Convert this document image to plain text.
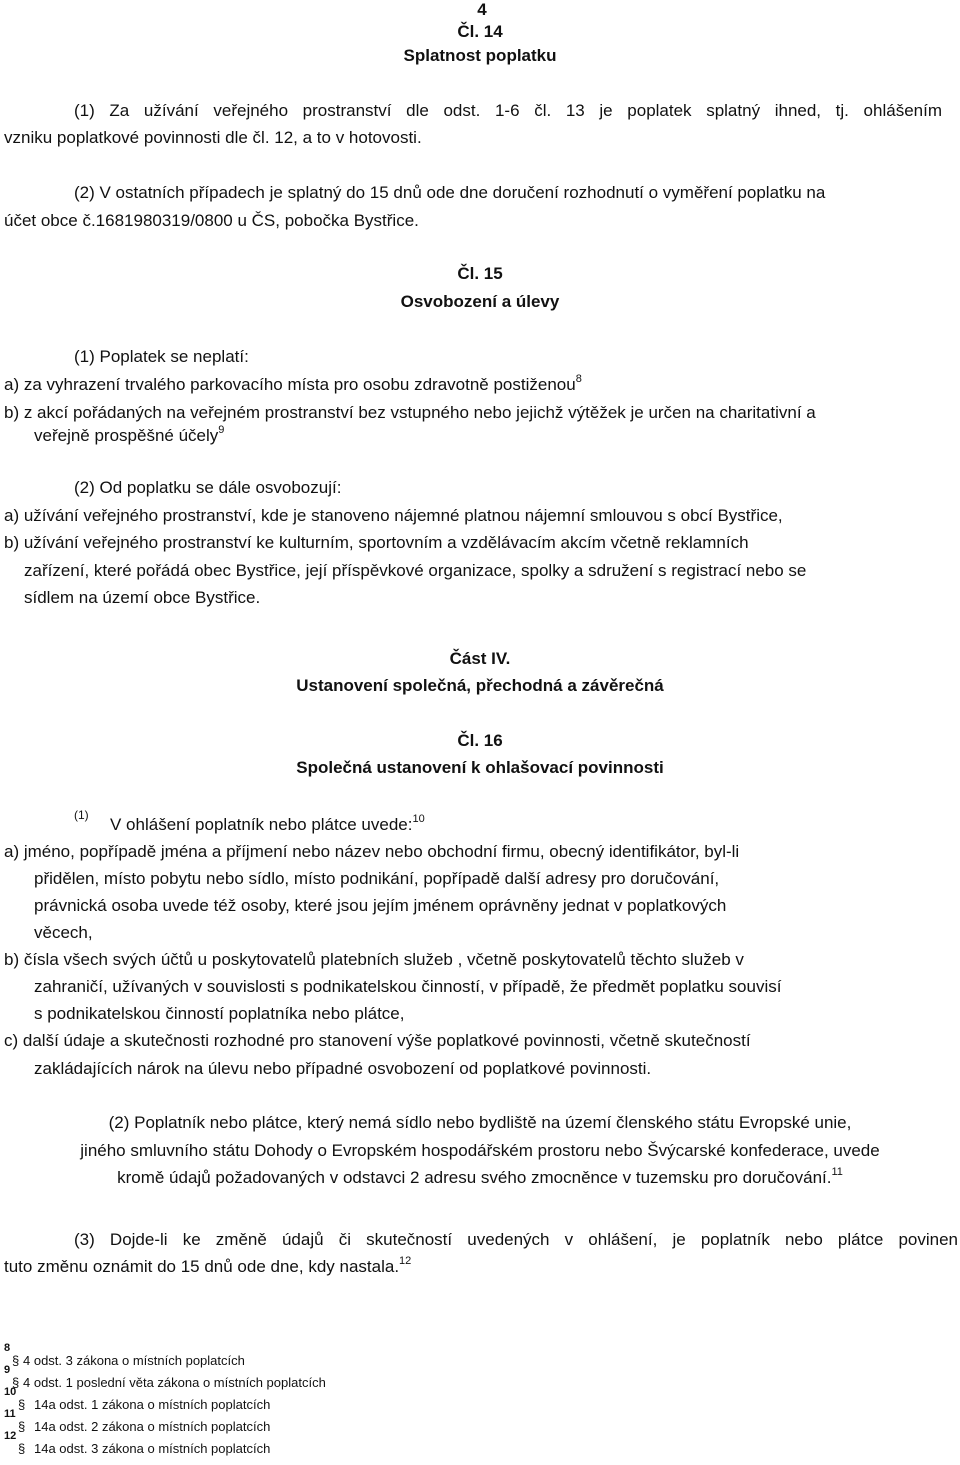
4
Čl. 14
Splatnost poplatku
(1) Za užívání veřejného prostranství dle odst. 1-6 čl. 13 je poplatek splatný ihned, tj. ohlášením
vzniku poplatkové povinnosti dle čl. 12, a to v hotovosti.
(2) V ostatních případech je splatný do 15 dnů ode dne doručení rozhodnutí o vyměření poplatku na
účet obce č.1681980319/0800 u ČS, pobočka Bystřice.
Čl. 15
Osvobození a úlevy
(1) Poplatek se neplatí:
a) za vyhrazení trvalého parkovacího místa pro osobu zdravotně postiženou$^8$
b) z akcí pořádaných na veřejném prostranství bez vstupného nebo jejichž výtěžek je určen na charitativní a
veřejně prospěšné účely$^9$
(2) Od poplatku se dále osvobozují:
a) užívání veřejného prostranství, kde je stanoveno nájemné platnou nájemní smlouvou s obcí Bystřice,
b) užívání veřejného prostranství ke kulturním, sportovním a vzdělávacím akcím včetně reklamních
zařízení, které pořádá obec Bystřice, její příspěvkové organizace, spolky a sdružení s registrací nebo se
sídlem na území obce Bystřice.
Část IV.
Ustanovení společná, přechodná a závěrečná
Čl. 16
Společná ustanovení k ohlašovací povinnosti
(1) V ohlášení poplatník nebo plátce uvede:$^{10}$
a) jméno, popřípadě jména a příjmení nebo název nebo obchodní firmu, obecný identifikátor, byl-li
přidělen, místo pobytu nebo sídlo, místo podnikání, popřípadě další adresy pro doručování,
právnická osoba uvede též osoby, které jsou jejím jménem oprávněny jednat v poplatkových
věcech,
b) čísla všech svých účtů u poskytovatelů platebních služeb , včetně poskytovatelů těchto služeb v
zahraničí, užívaných v souvislosti s podnikatelskou činností, v případě, že předmět poplatku souvisí
s podnikatelskou činností poplatníka nebo plátce,
c) další údaje a skutečnosti rozhodné pro stanovení výše poplatkové povinnosti, včetně skutečností
zakládajících nárok na úlevu nebo případné osvobození od poplatkové povinnosti.
(2) Poplatník nebo plátce, který nemá sídlo nebo bydliště na území členského státu Evropské unie,
jiného smluvního státu Dohody o Evropském hospodářském prostoru nebo Švýcarské konfederace, uvede
kromě údajů požadovaných v odstavci 2 adresu svého zmocněnce v tuzemsku pro doručování.$^{11}$
(3) Dojde-li ke změně údajů či skutečností uvedených v ohlášení, je poplatník nebo plátce povinen
tuto změnu oznámit do 15 dnů ode dne, kdy nastala.$^{12}$
8
§ 4 odst. 3 zákona o místních poplatcích
9
§ 4 odst. 1 poslední věta zákona o místních poplatcích
10
§ 14a odst. 1 zákona o místních poplatcích
11
§ 14a odst. 2 zákona o místních poplatcích
12
§ 14a odst. 3 zákona o místních poplatcích
